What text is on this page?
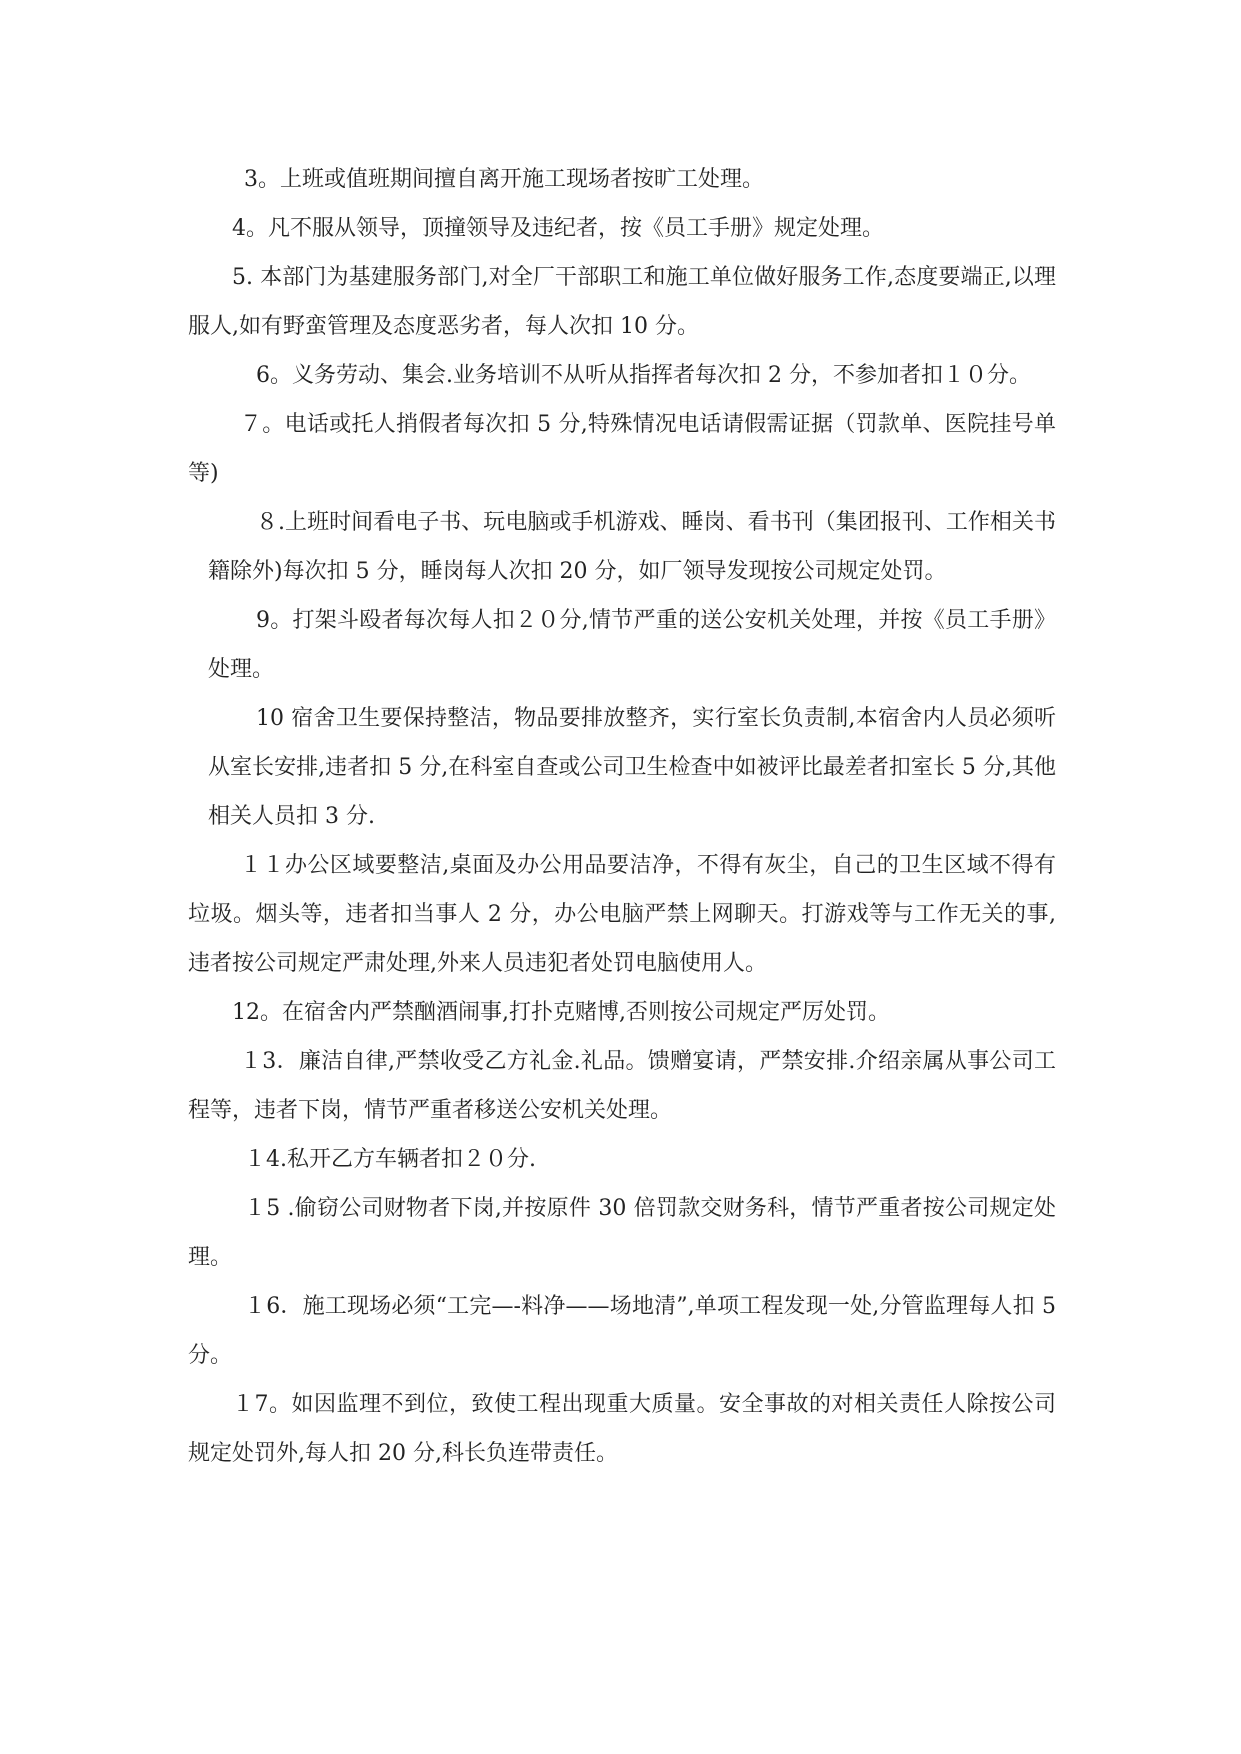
3。上班或值班期间擅自离开施工现场者按旷工处理。

4。凡不服从领导，顶撞领导及违纪者，按《员工手册》规定处理。

5. 本部门为基建服务部门,对全厂干部职工和施工单位做好服务工作,态度要端正,以理服人,如有野蛮管理及态度恶劣者，每人次扣 10 分。

6。义务劳动、集会.业务培训不从听从指挥者每次扣 2 分，不参加者扣１０分。

７。电话或托人捎假者每次扣 5 分,特殊情况电话请假需证据（罚款单、医院挂号单等)

８.上班时间看电子书、玩电脑或手机游戏、睡岗、看书刊（集团报刊、工作相关书籍除外)每次扣 5 分，睡岗每人次扣 20 分，如厂领导发现按公司规定处罚。

9。打架斗殴者每次每人扣２０分,情节严重的送公安机关处理，并按《员工手册》处理。

10 宿舍卫生要保持整洁，物品要排放整齐，实行室长负责制,本宿舍内人员必须听从室长安排,违者扣 5 分,在科室自查或公司卫生检查中如被评比最差者扣室长 5 分,其他相关人员扣 3 分.

１１办公区域要整洁,桌面及办公用品要洁净，不得有灰尘，自己的卫生区域不得有垃圾。烟头等，违者扣当事人 2 分，办公电脑严禁上网聊天。打游戏等与工作无关的事,违者按公司规定严肃处理,外来人员违犯者处罚电脑使用人。

12。在宿舍内严禁酗酒闹事,打扑克赌博,否则按公司规定严厉处罚。

１3．廉洁自律,严禁收受乙方礼金.礼品。馈赠宴请，严禁安排.介绍亲属从事公司工程等，违者下岗，情节严重者移送公安机关处理。

１4.私开乙方车辆者扣２０分.

１5 .偷窃公司财物者下岗,并按原件 30 倍罚款交财务科，情节严重者按公司规定处理。

１6．施工现场必须“工完—-料净——场地清”,单项工程发现一处,分管监理每人扣 5 分。

１7。如因监理不到位，致使工程出现重大质量。安全事故的对相关责任人除按公司规定处罚外,每人扣 20 分,科长负连带责任。
